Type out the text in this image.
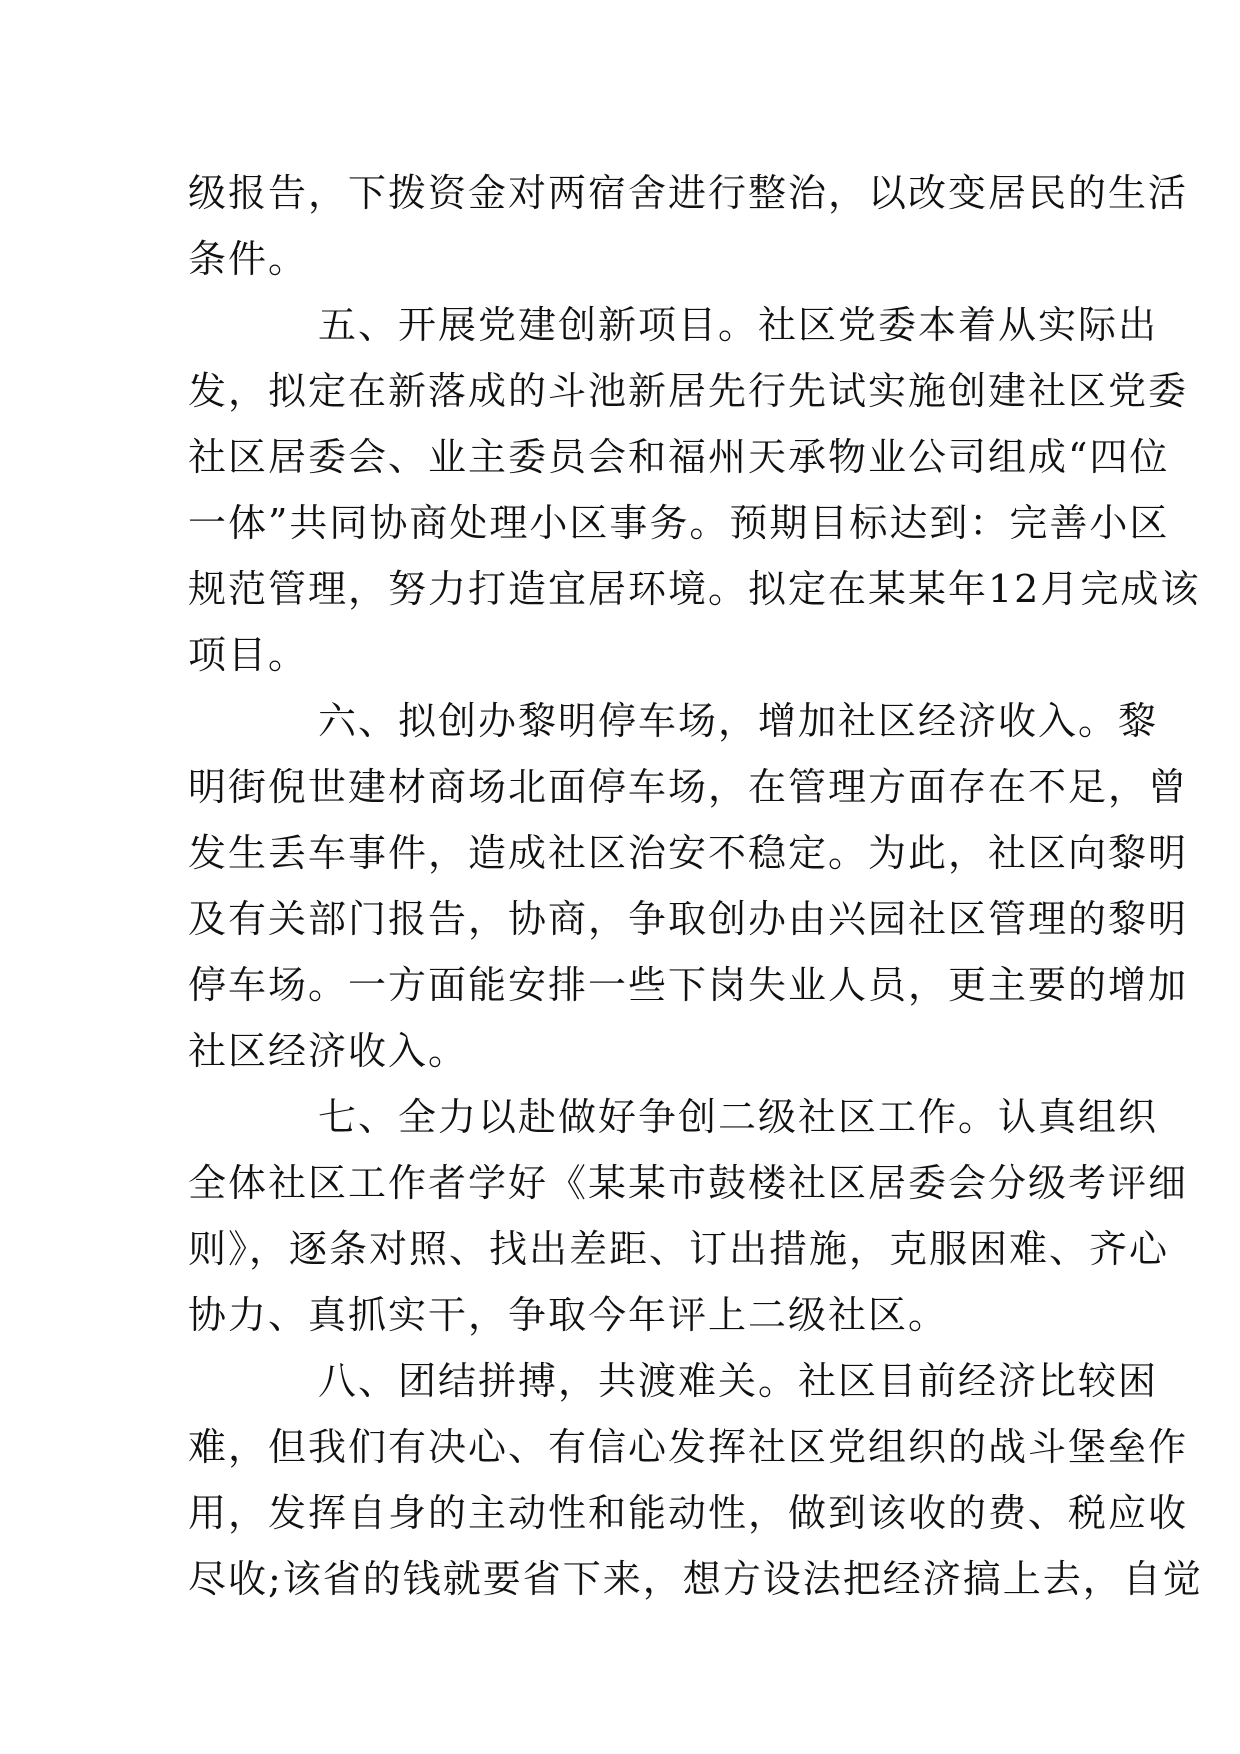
级报告，下拨资金对两宿舍进行整治，以改变居民的生活
条件。
五、开展党建创新项目。社区党委本着从实际出
发，拟定在新落成的斗池新居先行先试实施创建社区党委
社区居委会、业主委员会和福州天承物业公司组成“四位
一体”共同协商处理小区事务。预期目标达到：完善小区
规范管理，努力打造宜居环境。拟定在某某年12月完成该
项目。
六、拟创办黎明停车场，增加社区经济收入。黎
明街倪世建材商场北面停车场，在管理方面存在不足，曾
发生丢车事件，造成社区治安不稳定。为此，社区向黎明
及有关部门报告，协商，争取创办由兴园社区管理的黎明
停车场。一方面能安排一些下岗失业人员，更主要的增加
社区经济收入。
七、全力以赴做好争创二级社区工作。认真组织
全体社区工作者学好《某某市鼓楼社区居委会分级考评细
则》，逐条对照、找出差距、订出措施，克服困难、齐心
协力、真抓实干，争取今年评上二级社区。
八、团结拼搏，共渡难关。社区目前经济比较困
难，但我们有决心、有信心发挥社区党组织的战斗堡垒作
用，发挥自身的主动性和能动性，做到该收的费、税应收
尽收;该省的钱就要省下来，想方设法把经济搞上去，自觉
